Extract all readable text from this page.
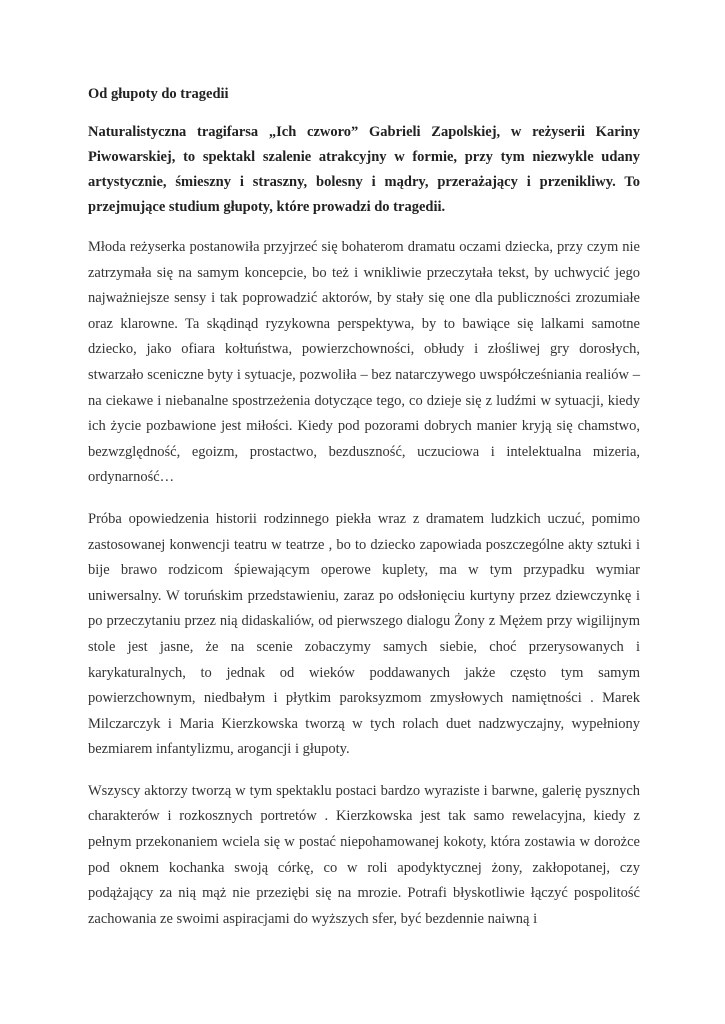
Od głupoty do tragedii

Naturalistyczna tragifarsa „Ich czworo” Gabrieli Zapolskiej, w reżyserii Kariny Piwowarskiej, to spektakl szalenie atrakcyjny w formie, przy tym niezwykle udany artystycznie, śmieszny i straszny, bolesny i mądry, przerażający i przenikliwy. To przejmujące studium głupoty, które prowadzi do tragedii.

Młoda reżyserka postanowiła przyjrzeć się bohaterom dramatu oczami dziecka, przy czym nie zatrzymała się na samym koncepcie, bo też i wnikliwie przeczytała tekst, by uchwycić jego najważniejsze sensy i tak poprowadzić aktorów, by stały się one dla publiczności zrozumiałe oraz klarowne. Ta skądinąd ryzykowna perspektywa, by to bawiące się lalkami samotne dziecko, jako ofiara kołtuństwa, powierzchowności, obłudy i złośliwej gry dorosłych, stwarzało sceniczne byty i sytuacje, pozwoliła – bez natarczywego uwspółcześniania realiów – na ciekawe i niebanalne spostrzeżenia dotyczące tego, co dzieje się z ludźmi w sytuacji, kiedy ich życie pozbawione jest miłości. Kiedy pod pozorami dobrych manier kryją się chamstwo, bezwzględność, egoizm, prostactwo, bezduszność, uczuciowa i intelektualna mizeria, ordynarność…

Próba opowiedzenia historii rodzinnego piekła wraz z dramatem ludzkich uczuć, pomimo zastosowanej konwencji teatru w teatrze , bo to dziecko zapowiada poszczególne akty sztuki i bije brawo rodzicom śpiewającym operowe kuplety, ma w tym przypadku wymiar uniwersalny. W toruńskim przedstawieniu, zaraz po odsłonięciu kurtyny przez dziewczynkę i po przeczytaniu przez nią didaskaliów, od pierwszego dialogu Żony z Mężem przy wigilijnym stole jest jasne, że na scenie zobaczymy samych siebie, choć przerysowanych i karykaturalnych, to jednak od wieków poddawanych jakże często tym samym powierzchownym, niedbałym i płytkim paroksyzmom zmysłowych namiętności . Marek Milczarczyk i Maria Kierzkowska tworzą w tych rolach duet nadzwyczajny, wypełniony bezmiarem infantylizmu, arogancji i głupoty.

Wszyscy aktorzy tworzą w tym spektaklu postaci bardzo wyraziste i barwne, galerię pysznych charakterów i rozkosznych portretów . Kierzkowska jest tak samo rewelacyjna, kiedy z pełnym przekonaniem wciela się w postać niepohamowanej kokoty, która zostawia w dorożce pod oknem kochanka swoją córkę, co w roli apodyktycznej żony, zakłopotanej, czy podążający za nią mąż nie przeziębi się na mrozie. Potrafi błyskotliwie łączyć pospolitość zachowania ze swoimi aspiracjami do wyższych sfer, być bezdennie naiwną i
